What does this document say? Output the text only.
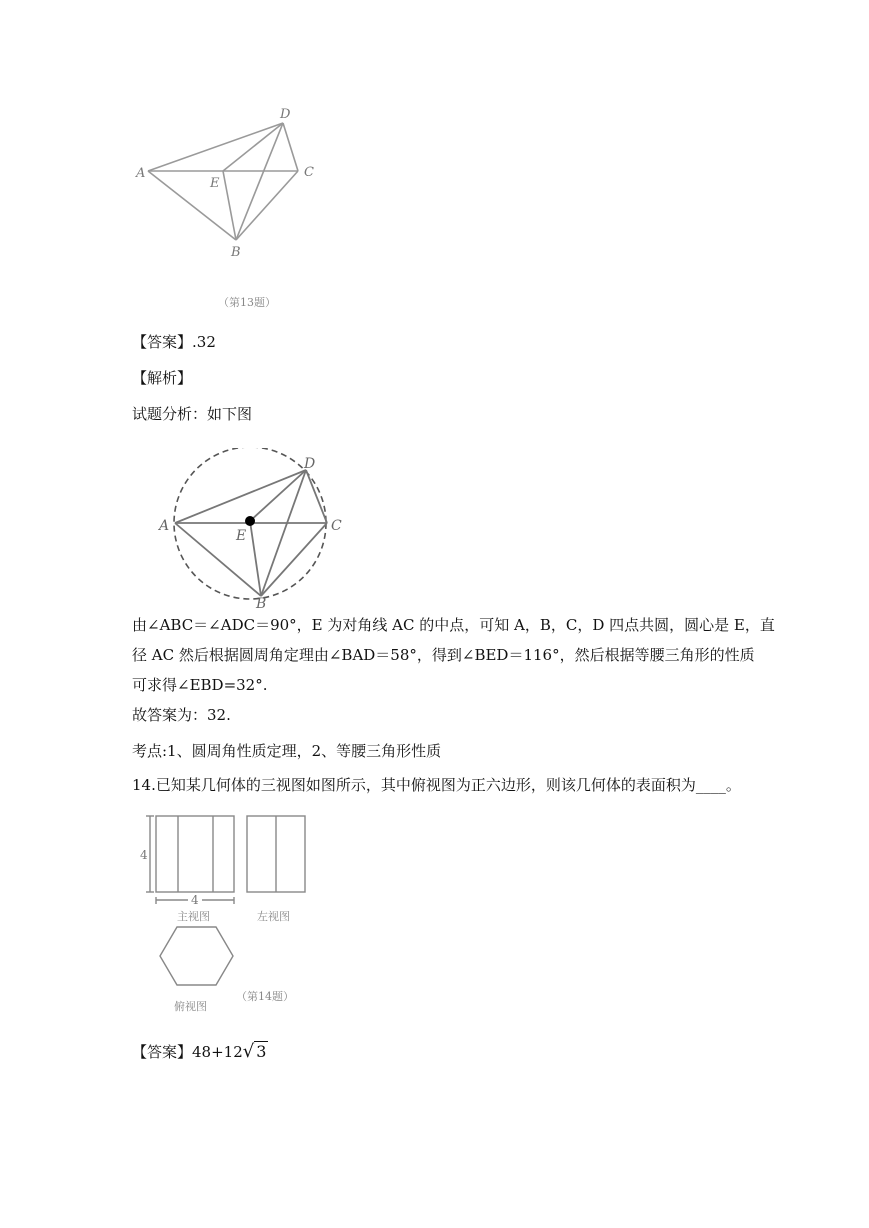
A
D
C
E
B
（第13题）
【答案】.32
【解析】
试题分析：如下图
A
D
C
E
B
由∠ABC＝∠ADC＝90°，E 为对角线 AC 的中点，可知 A，B，C，D 四点共圆，圆心是 E，直
径 AC 然后根据圆周角定理由∠BAD＝58°，得到∠BED＝116°，然后根据等腰三角形的性质
可求得∠EBD=32°.
故答案为：32.
考点:1、圆周角性质定理，2、等腰三角形性质
14.已知某几何体的三视图如图所示，其中俯视图为正六边形，则该几何体的表面积为____。
4
4
主视图	左视图
俯视图
（第14题）
【答案】48+12√ 3
